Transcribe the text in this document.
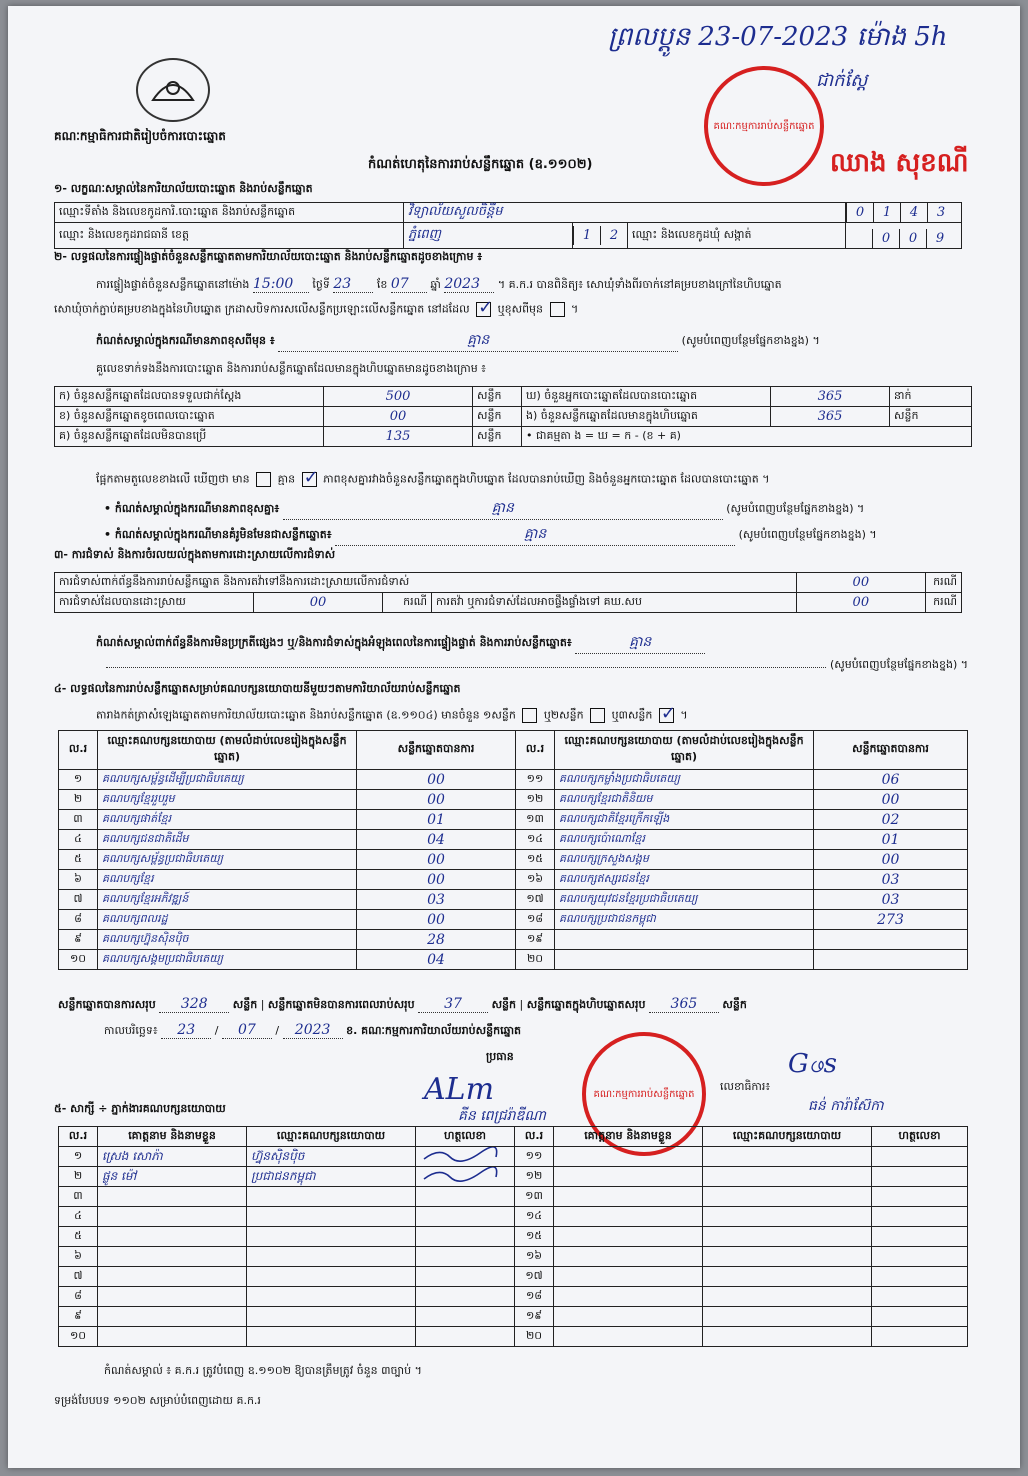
ព្រលប្ដូន 23-07-2023 ម៉ោង 5h
ជាក់ស្ដែ
គណៈកម្មការរាប់សន្លឹកឆ្នោត
ឈាង សុខណី
គណៈកម្មាធិការជាតិរៀបចំការបោះឆ្នោត
កំណត់ហេតុនៃការរាប់សន្លឹកឆ្នោត (ឧ.១១០២)
១- លក្ខណៈសម្គាល់នៃការិយាល័យបោះឆ្នោត និងរាប់សន្លឹកឆ្នោត
ឈ្មោះទីតាំង និងលេខកូដការិ.បោះឆ្នោត និងរាប់សន្លឹកឆ្នោត	វិទ្យាល័យសួលចិន្ដីម			0 1 4 3
ឈ្មោះ និងលេខកូដរាជធានី ខេត្ត	ភ្នំពេញ	1 2	ឈ្មោះ និងលេខកូដឃុំ សង្កាត់	0 0 9
២- លទ្ធផលនៃការផ្ទៀងផ្ទាត់ចំនួនសន្លឹកឆ្នោតតាមការិយាល័យបោះឆ្នោត និងរាប់សន្លឹកឆ្នោតដូចខាងក្រោម ៖
ការផ្ទៀងផ្ទាត់ចំនួនសន្លឹកឆ្នោតនៅម៉ោង 15:00 ថ្ងៃទី 23 ខែ 07 ឆ្នាំ 2023 ។ គ.ក.រ បានពិនិត្យ៖ សោឃុំទាំងពីរចាក់នៅគម្របខាងក្រៅនៃហិបឆ្នោត
សោឃុំចាក់ភ្ជាប់គម្របខាងក្នុងនៃហិបឆ្នោត ក្រដាសបិទការសលើសន្លឹកប្រឡោះលើសន្លឹកឆ្នោត នៅដដែល ✓	ឬខុសពីមុន  ។
កំណត់សម្គាល់ក្នុងករណីមានភាពខុសពីមុន ៖	គ្មាន	(សូមបំពេញបន្ថែមផ្នែកខាងខ្នង) ។
គួលេខទាក់ទងនឹងការបោះឆ្នោត និងការរាប់សន្លឹកឆ្នោតដែលមានក្នុងហិបឆ្នោតមានដូចខាងក្រោម ៖
ក) ចំនួនសន្លឹកឆ្នោតដែលបានទទួលជាក់ស្ដែង	500	សន្លឹក	ឃ) ចំនួនអ្នកបោះឆ្នោតដែលបានបោះឆ្នោត	365	នាក់
ខ) ចំនួនសន្លឹកឆ្នោតខូចពេលបោះឆ្នោត	00	សន្លឹក	ង) ចំនួនសន្លឹកឆ្នោតដែលមានក្នុងហិបឆ្នោត	365	សន្លឹក
គ) ចំនួនសន្លឹកឆ្នោតដែលមិនបានប្រើ	135	សន្លឹក	• ជាគម្មតា ង = ឃ = ក - (ខ + គ)		
ផ្អែកតាមតួលេខខាងលើ ឃើញថា មាន	គ្មាន ✓	ភាពខុសគ្នារវាងចំនួនសន្លឹកឆ្នោតក្នុងហិបឆ្នោត ដែលបានរាប់ឃើញ និងចំនួនអ្នកបោះឆ្នោត ដែលបានបោះឆ្នោត ។
• កំណត់សម្គាល់ក្នុងករណីមានភាពខុសគ្នា៖	គ្មាន	(សូមបំពេញបន្ថែមផ្នែកខាងខ្នង) ។
• កំណត់សម្គាល់ក្នុងករណីមានគំរូមិនមែនជាសន្លឹកឆ្នោត៖	គ្មាន	(សូមបំពេញបន្ថែមផ្នែកខាងខ្នង) ។
៣- ការជំទាស់ និងការចំរលយល់ក្នុងតាមការដោះស្រាយលើការជំទាស់
ការជំទាស់ពាក់ព័ន្ធនឹងការរាប់សន្លឹកឆ្នោត និងការតវ៉ាទៅនឹងការដោះស្រាយលើការជំទាស់				00	ករណី
ការជំទាស់ដែលបានដោះស្រាយ	00	ករណី	ការតវ៉ា ឬការជំទាស់ដែលអាចផ្ទឹងផ្ទាំងទៅ គឃ.សប	00	ករណី
កំណត់សម្គាល់ពាក់ព័ន្ធនឹងការមិនប្រក្រតីផ្សេងៗ ឬ/និងការជំទាស់ក្នុងអំឡុងពេលនៃការផ្ទៀងផ្ទាត់ និងការរាប់សន្លឹកឆ្នោត៖	គ្មាន
(សូមបំពេញបន្ថែមផ្នែកខាងខ្នង) ។
៤- លទ្ធផលនៃការរាប់សន្លឹកឆ្នោតសម្រាប់គណបក្សនយោបាយនីមួយៗតាមការិយាល័យរាប់សន្លឹកឆ្នោត
តារាងកត់ត្រាសំឡេងឆ្នោតតាមការិយាល័យបោះឆ្នោត និងរាប់សន្លឹកឆ្នោត (ឧ.១១០៤) មានចំនួន ១សន្លឹក	ឬ២សន្លឹក	ឬ៣សន្លឹក ✓ ។
ល.រ	ឈ្មោះគណបក្សនយោបាយ (តាមលំដាប់លេខរៀងក្នុងសន្លឹកឆ្នោត)	សន្លឹកឆ្នោតបានការ	ល.រ	ឈ្មោះគណបក្សនយោបាយ (តាមលំដាប់លេខរៀងក្នុងសន្លឹកឆ្នោត)	សន្លឹកឆ្នោតបានការ
១	គណបក្សសម្ព័ន្ធដើម្បីប្រជាធិបតេយ្យ	00	១១	គណបក្សកម្លាំងប្រជាធិបតេយ្យ	06
២	គណបក្សខ្មែររួបរួម	00	១២	គណបក្សខ្មែរជាតិនិយម	00
៣	គណបក្សផាត់ខ្មែរ	01	១៣	គណបក្សជាតិខ្មែរក្រើកឡើង	02
៤	គណបក្សជនជាតិដើម	04	១៤	គណបក្សប៉ោណោខ្មែរ	01
៥	គណបក្សសម្ព័ន្ធប្រជាធិបតេយ្យ	00	១៥	គណបក្សក្រសួងសង្គម	00
៦	គណបក្សខ្មែរ	00	១៦	គណបក្សឥស្សរជនខ្មែរ	03
៧	គណបក្សខ្មែរអភិវឌ្ឍន៍	03	១៧	គណបក្សយុវជនខ្មែរប្រជាធិបតេយ្យ	03
៨	គណបក្សពលរដ្ឋ	00	១៨	គណបក្សប្រជាជនកម្ពុជា	273
៩	គណបក្សហ្វ៊ុនស៊ិនប៉ិច	28	១៩		
១០	គណបក្សសង្គមប្រជាធិបតេយ្យ	04	២០		
សន្លឹកឆ្នោតបានការសរុប 328 សន្លឹក | សន្លឹកឆ្នោតមិនបានការពេលរាប់សរុប 37	សន្លឹក | សន្លឹកឆ្នោតក្នុងហិបឆ្នោតសរុប 365 សន្លឹក
កាលបរិច្ឆេទ៖ 23 / 07 / 2023 ខ. គណៈកម្មការការិយាល័យរាប់សន្លឹកឆ្នោត
ប្រធាន
ALm
គីន ពេជ្ររ៉ាឌីណា
គណៈកម្មការរាប់សន្លឹកឆ្នោត
លេខាធិការ៖
Gဖs
ធន់ ការ៉ាស៊ែកា
៥- សាក្សី ÷ ភ្នាក់ងារគណបក្សនយោបាយ
ល.រ	គោត្តនាម និងនាមខ្លួន	ឈ្មោះគណបក្សនយោបាយ	ហត្ថលេខា	ល.រ	គោត្តនាម និងនាមខ្លួន	ឈ្មោះគណបក្សនយោបាយ	ហត្ថលេខា
១	ស្រេង សោភ៉ា	ហ្វ៊ុនស៊ិនប៉ិច		១១			
២	ផ្លូន ម៉ៅ	ប្រជាជនកម្ពុជា		១២			
៣				១៣			
៤				១៤			
៥				១៥			
៦				១៦			
៧				១៧			
៨				១៨			
៩				១៩			
១០				២០			
កំណត់សម្គាល់ ៖ គ.ក.រ ត្រូវបំពេញ ឧ.១១០២ ឱ្យបានត្រឹមត្រូវ ចំនួន ៣ច្បាប់ ។
ទម្រង់បែបបទ ១១០២ សម្រាប់បំពេញដោយ គ.ក.រ
